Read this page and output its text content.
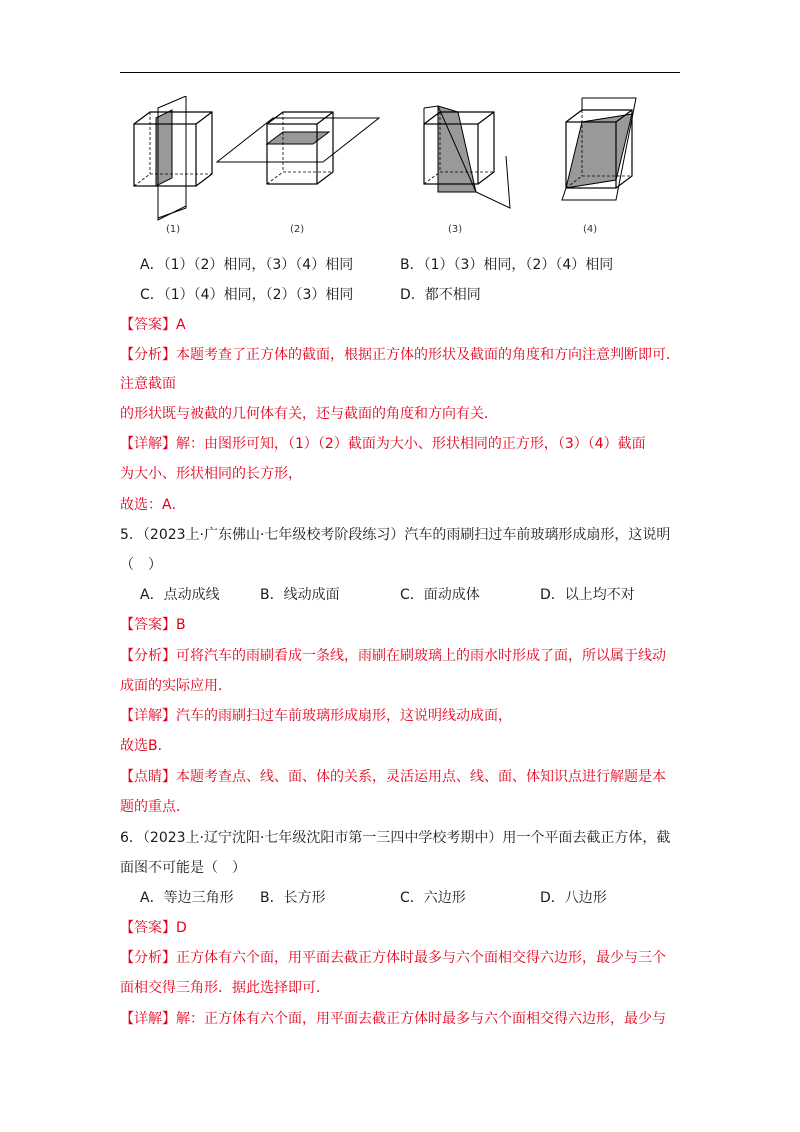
(1)	(2)	(3)	(4)
A．（1）（2）相同，（3）（4）相同	B．（1）（3）相同，（2）（4）相同
C．（1）（4）相同，（2）（3）相同	D．都不相同
【答案】A
【分析】本题考查了正方体的截面，根据正方体的形状及截面的角度和方向注意判断即可．
注意截面
的形状既与被截的几何体有关，还与截面的角度和方向有关．
【详解】解：由图形可知，（1）（2）截面为大小、形状相同的正方形，（3）（4）截面
为大小、形状相同的长方形，
故选：A．
5．（2023上·广东佛山·七年级校考阶段练习）汽车的雨刷扫过车前玻璃形成扇形，这说明
（　）
A．点动成线	B．线动成面	C．面动成体	D．以上均不对
【答案】B
【分析】可将汽车的雨刷看成一条线，雨刷在刷玻璃上的雨水时形成了面，所以属于线动
成面的实际应用．
【详解】汽车的雨刷扫过车前玻璃形成扇形，这说明线动成面，
故选B．
【点睛】本题考查点、线、面、体的关系，灵活运用点、线、面、体知识点进行解题是本
题的重点．
6．（2023上·辽宁沈阳·七年级沈阳市第一三四中学校考期中）用一个平面去截正方体，截
面图不可能是（　）
A．等边三角形 B．长方形	C．六边形	D．八边形
【答案】D
【分析】正方体有六个面，用平面去截正方体时最多与六个面相交得六边形，最少与三个
面相交得三角形．据此选择即可．
【详解】解：正方体有六个面，用平面去截正方体时最多与六个面相交得六边形，最少与
